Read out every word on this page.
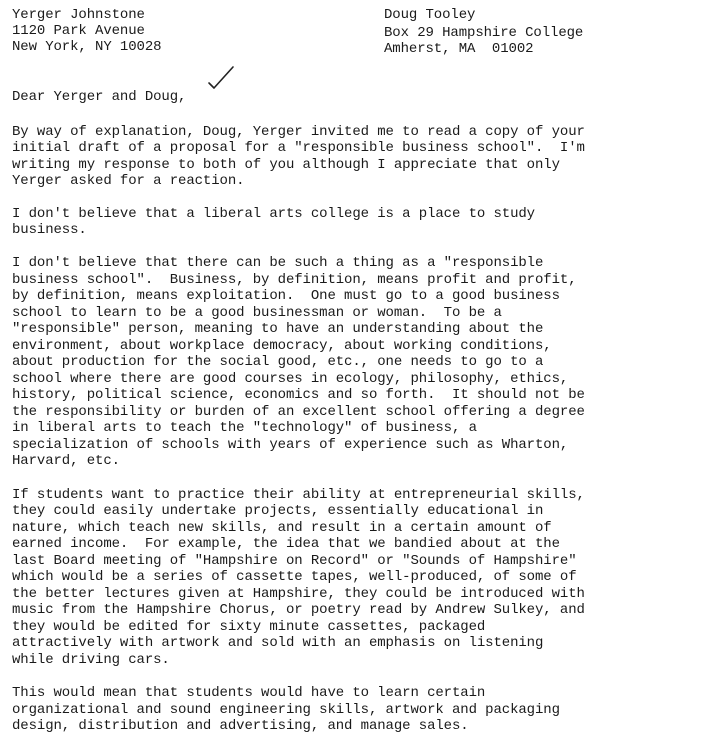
Yerger Johnstone
1120 Park Avenue
New York, NY 10028
Doug Tooley
Box 29 Hampshire College
Amherst, MA  01002
Dear Yerger and Doug,
By way of explanation, Doug, Yerger invited me to read a copy of your
initial draft of a proposal for a "responsible business school".  I'm
writing my response to both of you although I appreciate that only
Yerger asked for a reaction.
I don't believe that a liberal arts college is a place to study
business.
I don't believe that there can be such a thing as a "responsible
business school".  Business, by definition, means profit and profit,
by definition, means exploitation.  One must go to a good business
school to learn to be a good businessman or woman.  To be a
"responsible" person, meaning to have an understanding about the
environment, about workplace democracy, about working conditions,
about production for the social good, etc., one needs to go to a
school where there are good courses in ecology, philosophy, ethics,
history, political science, economics and so forth.  It should not be
the responsibility or burden of an excellent school offering a degree
in liberal arts to teach the "technology" of business, a
specialization of schools with years of experience such as Wharton,
Harvard, etc.
If students want to practice their ability at entrepreneurial skills,
they could easily undertake projects, essentially educational in
nature, which teach new skills, and result in a certain amount of
earned income.  For example, the idea that we bandied about at the
last Board meeting of "Hampshire on Record" or "Sounds of Hampshire"
which would be a series of cassette tapes, well-produced, of some of
the better lectures given at Hampshire, they could be introduced with
music from the Hampshire Chorus, or poetry read by Andrew Sulkey, and
they would be edited for sixty minute cassettes, packaged
attractively with artwork and sold with an emphasis on listening
while driving cars.
This would mean that students would have to learn certain
organizational and sound engineering skills, artwork and packaging
design, distribution and advertising, and manage sales.
